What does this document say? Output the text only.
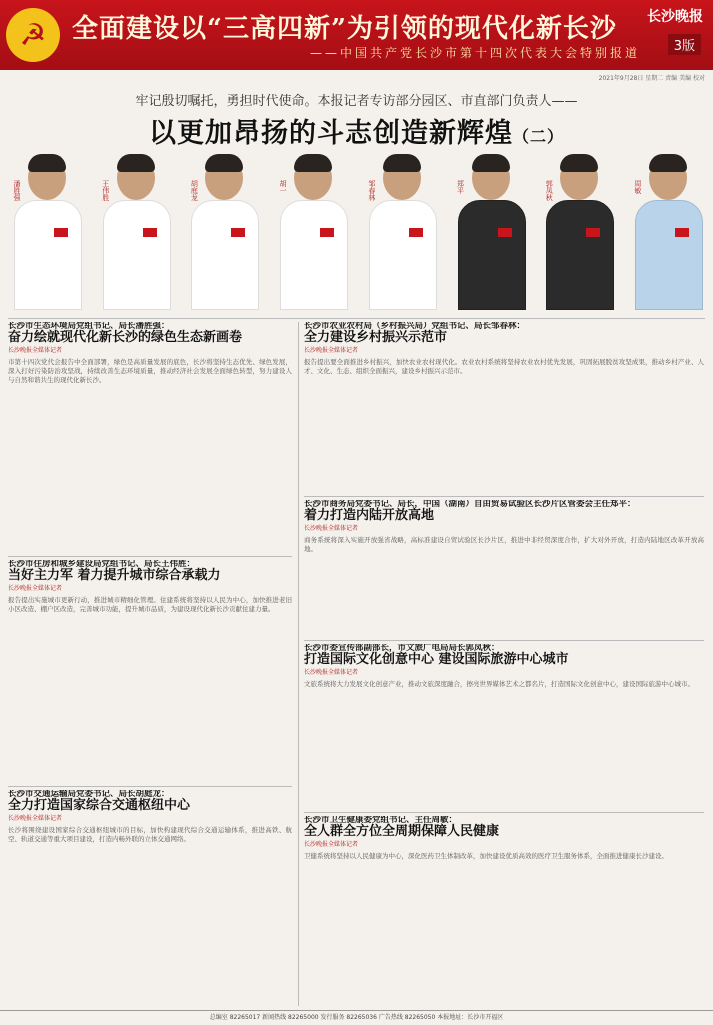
☭ 全面建设以“三高四新”为引领的现代化新长沙
——中国共产党长沙市第十四次代表大会特别报道
长沙晚报
3版
2021年9月28日 星期二 责编 美编 校对
牢记殷切嘱托，勇担时代使命。本报记者专访部分园区、市直部门负责人——
以更加昂扬的斗志创造新辉煌（二）
潘胜强	王伟胜	胡庭龙	胡一	邹春林	郑平	郭凤秋	周敏
长沙市生态环境局党组书记、局长潘胜强：
奋力绘就现代化新长沙的绿色生态新画卷
长沙晚报全媒体记者
市第十四次党代会报告中全面部署，绿色是高质量发展的底色，长沙将坚持生态优先、绿色发展，深入打好污染防治攻坚战，持续改善生态环境质量，推动经济社会发展全面绿色转型，努力建设人与自然和谐共生的现代化新长沙。
长沙市住房和城乡建设局党组书记、局长王伟胜：
当好主力军 着力提升城市综合承载力
长沙晚报全媒体记者
报告提出实施城市更新行动，推进城市精细化管理。住建系统将坚持以人民为中心，加快推进老旧小区改造、棚户区改造，完善城市功能，提升城市品质，为建设现代化新长沙贡献住建力量。
长沙市交通运输局党委书记、局长胡庭龙：
全力打造国家综合交通枢纽中心
长沙晚报全媒体记者
长沙将围绕建设国家综合交通枢纽城市的目标，加快构建现代综合交通运输体系，推进高铁、航空、轨道交通等重大项目建设，打造内畅外联的立体交通网络。
长沙市农业农村局（乡村振兴局）党组书记、局长邹春林：
全力建设乡村振兴示范市
长沙晚报全媒体记者
报告提出要全面推进乡村振兴，加快农业农村现代化。农业农村系统将坚持农业农村优先发展，巩固拓展脱贫攻坚成果，推动乡村产业、人才、文化、生态、组织全面振兴，建设乡村振兴示范市。
长沙市商务局党委书记、局长，中国（湖南）自由贸易试验区长沙片区管委会主任郑平：
着力打造内陆开放高地
长沙晚报全媒体记者
商务系统将深入实施开放强省战略，高标准建设自贸试验区长沙片区，推进中非经贸深度合作，扩大对外开放，打造内陆地区改革开放高地。
长沙市委宣传部副部长，市文旅广电局局长郭凤秋：
打造国际文化创意中心 建设国际旅游中心城市
长沙晚报全媒体记者
文旅系统将大力发展文化创意产业，推动文旅深度融合，擦亮世界媒体艺术之都名片，打造国际文化创意中心，建设国际旅游中心城市。
长沙市卫生健康委党组书记、主任周敏：
全人群全方位全周期保障人民健康
长沙晚报全媒体记者
卫健系统将坚持以人民健康为中心，深化医药卫生体制改革，加快建设优质高效的医疗卫生服务体系，全面推进健康长沙建设。
总编室 82265017 新闻热线 82265000 发行服务 82265036 广告热线 82265050 本报地址：长沙市开福区
